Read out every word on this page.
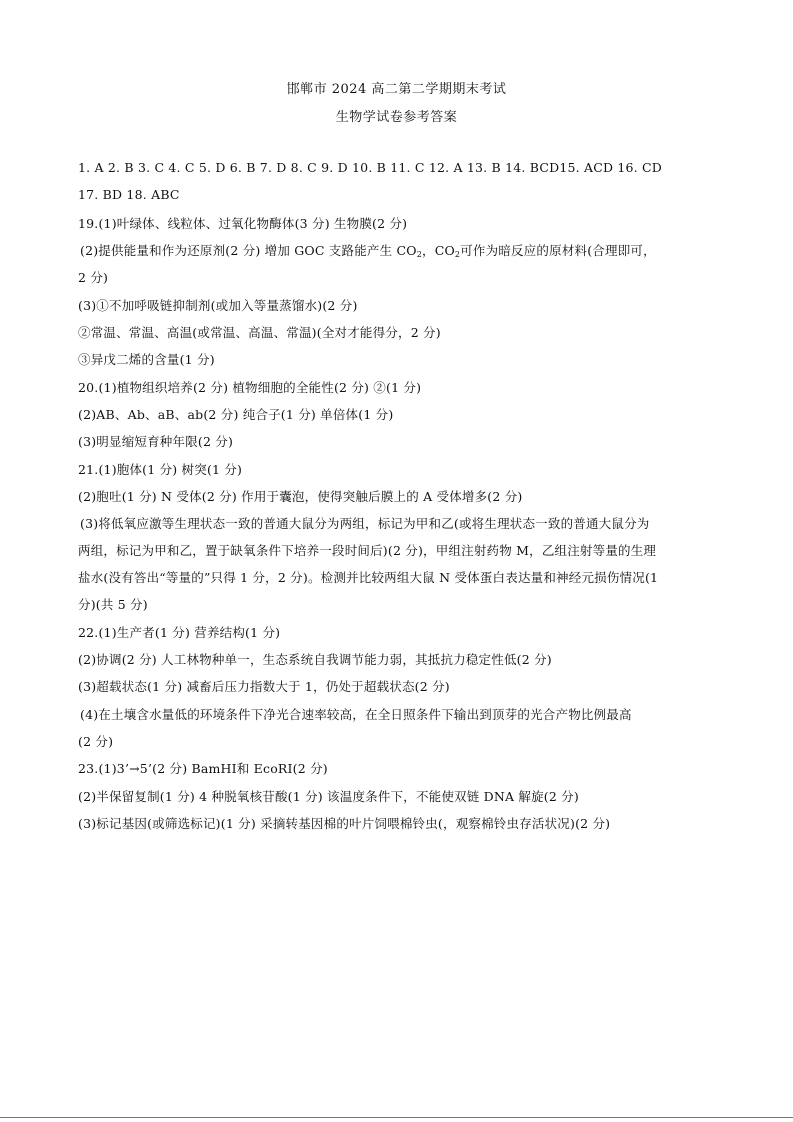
邯郸市 2024 高二第二学期期末考试
生物学试卷参考答案
1. A 2. B 3. C 4. C 5. D 6. B 7. D 8. C 9. D 10. B 11. C 12. A 13. B 14. BCD15. ACD 16. CD
17. BD 18. ABC
19.(1)叶绿体、线粒体、过氧化物酶体(3 分) 生物膜(2 分)
(2)提供能量和作为还原剂(2 分) 增加 GOC 支路能产生 $CO_2$，$CO_2$可作为暗反应的原材料(合理即可，
2 分)
(3)①不加呼吸链抑制剂(或加入等量蒸馏水)(2 分)
②常温、常温、高温(或常温、高温、常温)(全对才能得分，2 分)
③异戊二烯的含量(1 分)
20.(1)植物组织培养(2 分) 植物细胞的全能性(2 分) ②(1 分)
(2)AB、Ab、aB、ab(2 分) 纯合子(1 分) 单倍体(1 分)
(3)明显缩短育种年限(2 分)
21.(1)胞体(1 分) 树突(1 分)
(2)胞吐(1 分) N 受体(2 分) 作用于囊泡，使得突触后膜上的 A 受体增多(2 分)
(3)将低氧应激等生理状态一致的普通大鼠分为两组，标记为甲和乙(或将生理状态一致的普通大鼠分为
两组，标记为甲和乙，置于缺氧条件下培养一段时间后)(2 分)，甲组注射药物 M，乙组注射等量的生理
盐水(没有答出“等量的”只得 1 分，2 分)。检测并比较两组大鼠 N 受体蛋白表达量和神经元损伤情况(1
分)(共 5 分)
22.(1)生产者(1 分) 营养结构(1 分)
(2)协调(2 分) 人工林物种单一，生态系统自我调节能力弱，其抵抗力稳定性低(2 分)
(3)超载状态(1 分) 减畜后压力指数大于 1，仍处于超载状态(2 分)
(4)在土壤含水量低的环境条件下净光合速率较高，在全日照条件下输出到顶芽的光合产物比例最高
(2 分)
23.(1)3’→5’(2 分) BamHⅠ和 EcoRⅠ(2 分)
(2)半保留复制(1 分) 4 种脱氧核苷酸(1 分) 该温度条件下，不能使双链 DNA 解旋(2 分)
(3)标记基因(或筛选标记)(1 分) 采摘转基因棉的叶片饲喂棉铃虫(，观察棉铃虫存活状况)(2 分)
